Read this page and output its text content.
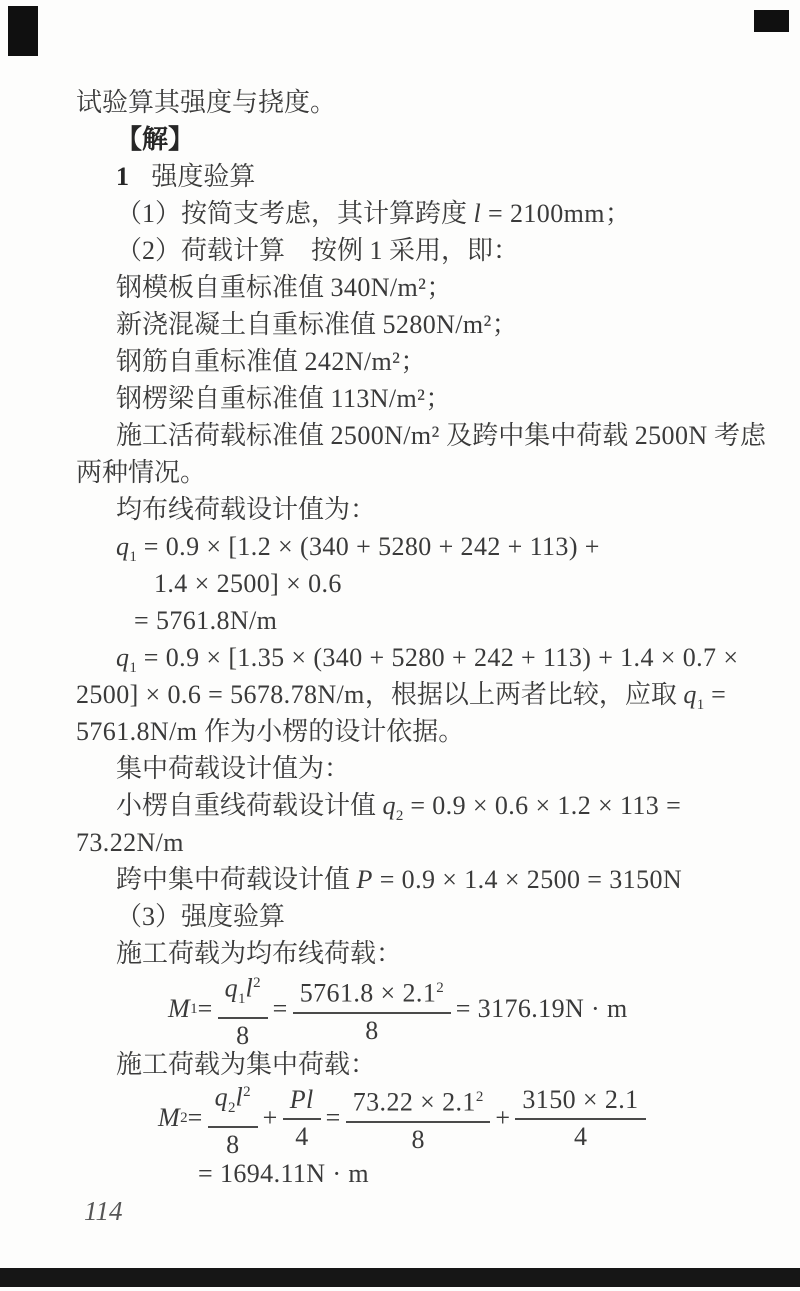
试验算其强度与挠度。
【解】
1 强度验算
（1）按简支考虑，其计算跨度 l = 2100mm；
（2）荷载计算　按例 1 采用，即：
钢模板自重标准值 340N/m²；
新浇混凝土自重标准值 5280N/m²；
钢筋自重标准值 242N/m²；
钢楞梁自重标准值 113N/m²；
施工活荷载标准值 2500N/m² 及跨中集中荷载 2500N 考虑
两种情况。
均布线荷载设计值为：
$q_1 = 0.9 \times [1.2 \times (340 + 5280 + 242 + 113)$ +
1.4 × 2500] × 0.6
= 5761.8N/m
$q_1 = 0.9 \times [1.35 \times (340 + 5280 + 242 + 113) + 1.4 \times 0.7$ ×
2500] × 0.6 = 5678.78N/m，根据以上两者比较，应取 $q_1$ =
5761.8N/m 作为小楞的设计依据。
集中荷载设计值为：
小楞自重线荷载设计值 $q_2 = 0.9 \times 0.6 \times 1.2 \times 113$ =
73.22N/m
跨中集中荷载设计值 P = 0.9 × 1.4 × 2500 = 3150N
（3）强度验算
施工荷载为均布线荷载：
M $1 = \frac{q_1l^2}{8} = \frac{5761.8 \times 2.1^2}{8} = 3176.19N \cdot m$
施工荷载为集中荷载：
M $2 = \frac{q_2l^2}{8} + \frac{Pl}{4} = \frac{73.22 \times 2.1^2}{8} + \frac{3150 \times 2.1}{4}$
= 1694.11N · m
114
